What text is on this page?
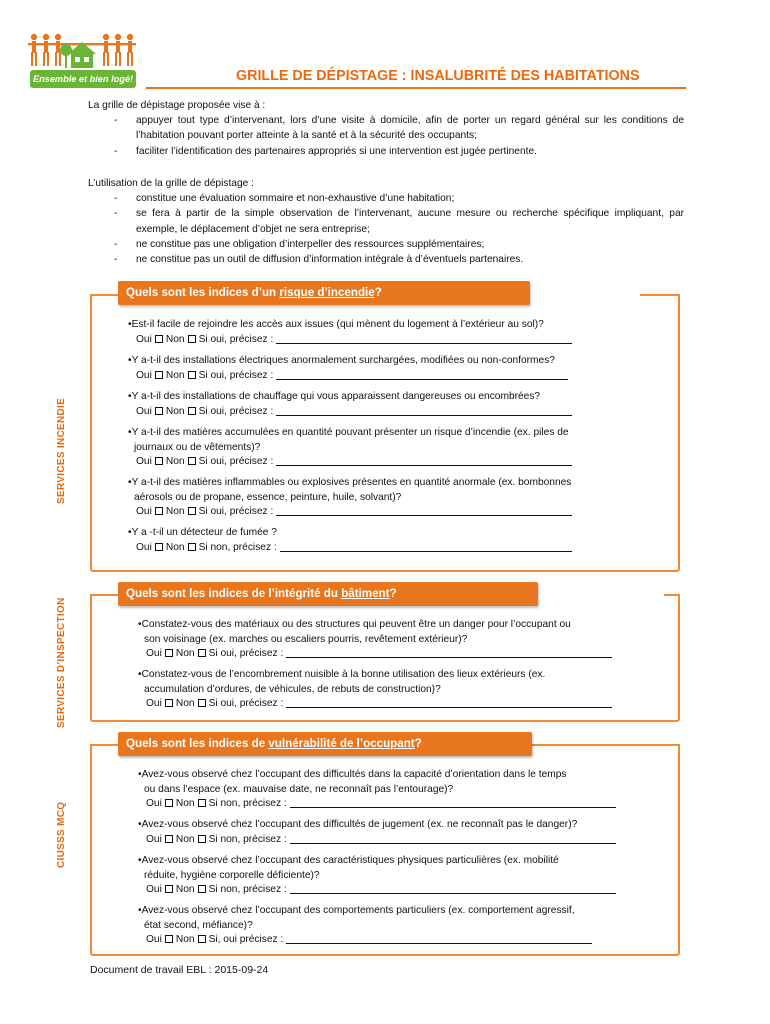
Ensemble et bien logé!	GRILLE DE DÉPISTAGE : INSALUBRITÉ DES HABITATIONS

La grille de dépistage proposée vise à :

-	appuyer tout type d’intervenant, lors d’une visite à domicile, afin de porter un regard général sur les conditions de l’habitation pouvant porter atteinte à la santé et à la sécurité des occupants;
-	faciliter l’identification des partenaires appropriés si une intervention est jugée pertinente.

L’utilisation de la grille de dépistage :

-	constitue une évaluation sommaire et non-exhaustive d’une habitation;
-	se fera à partir de la simple observation de l’intervenant, aucune mesure ou recherche spécifique impliquant, par exemple, le déplacement d’objet ne sera entreprise;
-	ne constitue pas une obligation d’interpeller des ressources supplémentaires;
-	ne constitue pas un outil de diffusion d’information intégrale à d’éventuels partenaires.
SERVICES INCENDIE
Quels sont les indices d’un risque d’incendie?
•Est-il facile de rejoindre les accès aux issues (qui mènent du logement à l’extérieur au sol)?
Oui Non Si oui, précisez :
•Y a-t-il des installations électriques anormalement surchargées, modifiées ou non-conformes?
Oui Non Si oui, précisez :
•Y a-t-il des installations de chauffage qui vous apparaissent dangereuses ou encombrées?
Oui Non Si oui, précisez :
•Y a-t-il des matières accumulées en quantité pouvant présenter un risque d’incendie (ex. piles de
journaux ou de vêtements)?
Oui Non Si oui, précisez :
•Y a-t-il des matières inflammables ou explosives présentes en quantité anormale (ex. bombonnes
aérosols ou de propane, essence, peinture, huile, solvant)?
Oui Non Si oui, précisez :
•Y a -t-il un détecteur de fumée ?
Oui Non Si non, précisez :
SERVICES D’INSPECTION
Quels sont les indices de l’intégrité du bâtiment?
•Constatez-vous des matériaux ou des structures qui peuvent être un danger pour l’occupant ou
son voisinage (ex. marches ou escaliers pourris, revêtement extérieur)?
Oui Non Si oui, précisez :
•Constatez-vous de l’encombrement nuisible à la bonne utilisation des lieux extérieurs (ex.
accumulation d’ordures, de véhicules, de rebuts de construction)?
Oui Non Si oui, précisez :
CIUSSS MCQ
Quels sont les indices de vulnérabilité de l’occupant?
•Avez-vous observé chez l’occupant des difficultés dans la capacité d’orientation dans le temps
ou dans l’espace (ex. mauvaise date, ne reconnaît pas l’entourage)?
Oui Non Si non, précisez :
•Avez-vous observé chez l’occupant des difficultés de jugement (ex. ne reconnaît pas le danger)?
Oui Non Si non, précisez :
•Avez-vous observé chez l’occupant des caractéristiques physiques particulières (ex. mobilité
réduite, hygiène corporelle déficiente)?
Oui Non Si non, précisez :
•Avez-vous observé chez l’occupant des comportements particuliers (ex. comportement agressif,
état second, méfiance)?
Oui Non Si, oui précisez :
Document de travail EBL : 2015-09-24
